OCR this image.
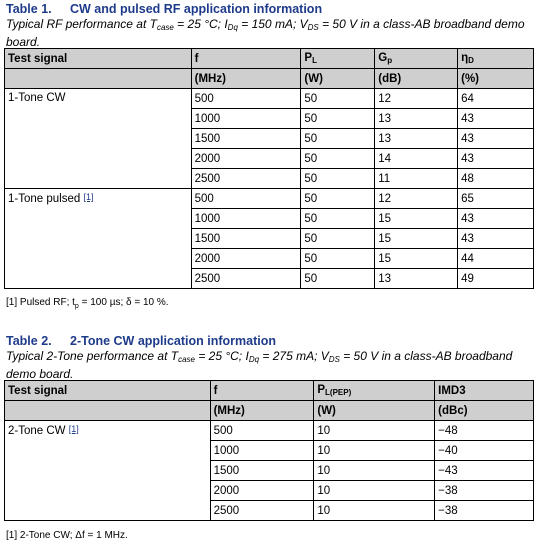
Table 1. CW and pulsed RF application information
Typical RF performance at $T_{case} = 25$ °C; $I_{Dq} = 150$ mA; $V_{DS} = 50$ V in a class-AB broadband demo
board.
Test signal	f	PL	Gp	ηD
	(MHz)	(W)	(dB)	(%)
1-Tone CW	500	50	12	64
	1000	50	13	43
	1500	50	13	43
	2000	50	14	43
	2500	50	11	48
1-Tone pulsed [1]	500	50	12	65
	1000	50	15	43
	1500	50	15	43
	2000	50	15	44
	2500	50	13	49
[1] Pulsed RF; $t_p = 100$ µs; δ = 10 %.
Table 2. 2-Tone CW application information
Typical 2-Tone performance at $T_{case} = 25$ °C; $I_{Dq} = 275$ mA; $V_{DS} = 50$ V in a class-AB broadband
demo board.
Test signal	f	PL(PEP)	IMD3
	(MHz)	(W)	(dBc)
2-Tone CW [1]	500	10	−48
	1000	10	−40
	1500	10	−43
	2000	10	−38
	2500	10	−38
[1] 2-Tone CW; Δf = 1 MHz.
